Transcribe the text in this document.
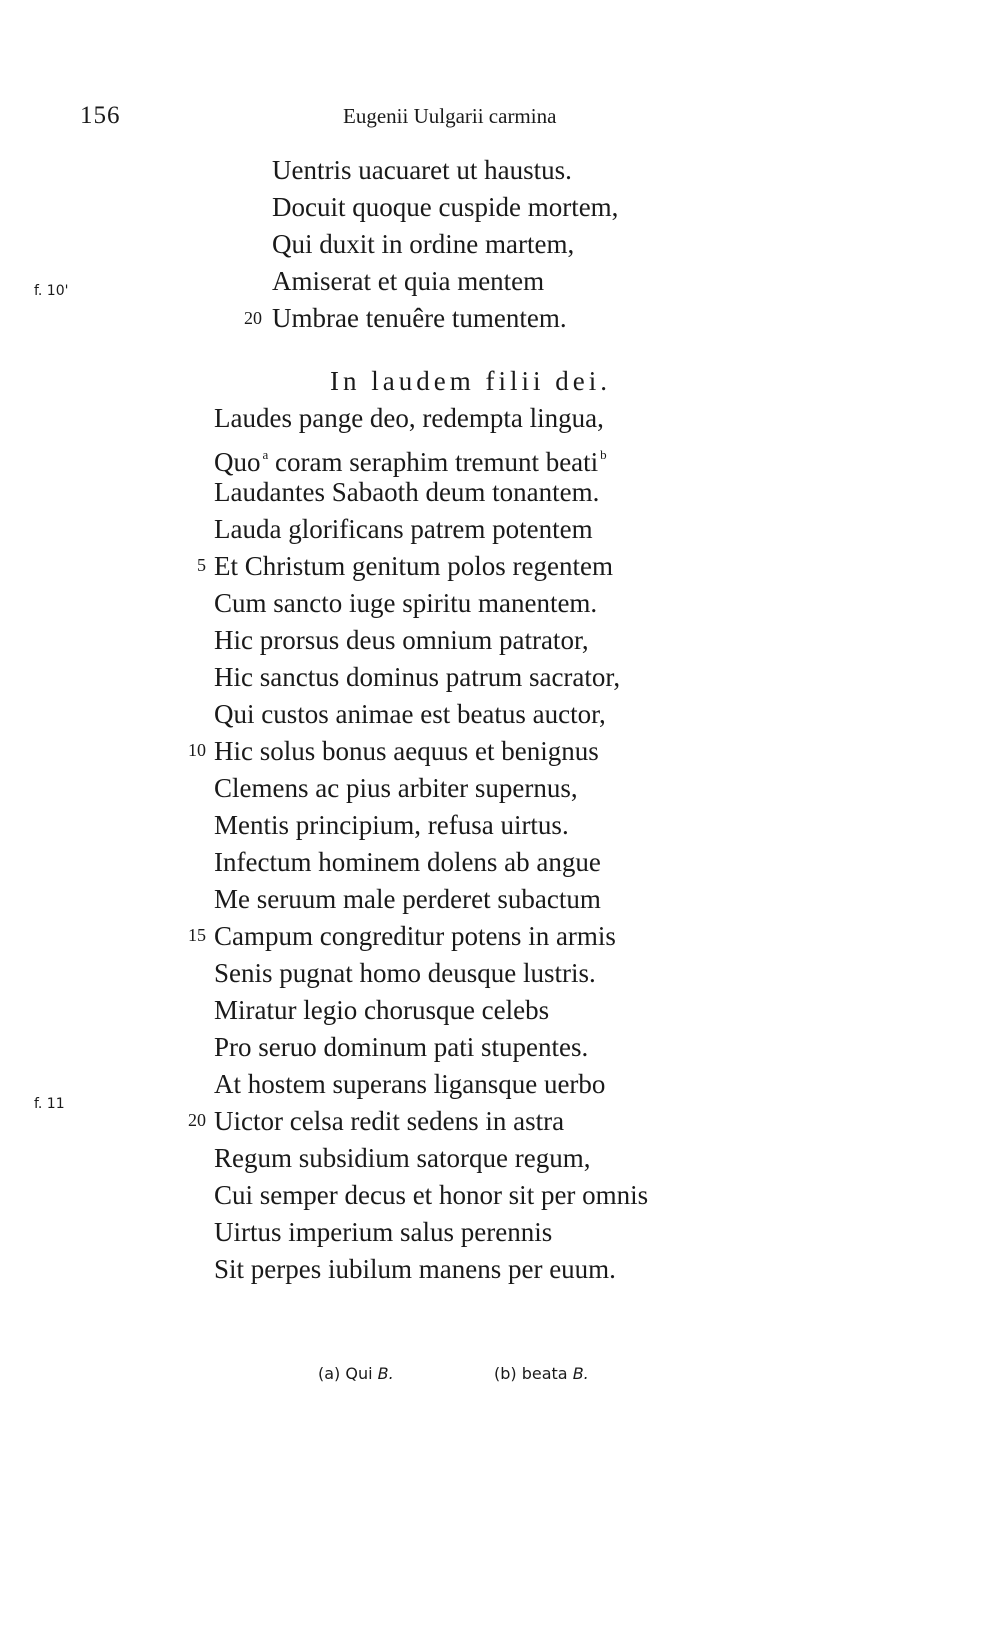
156	Eugenii Uulgarii carmina
f. 10'
f. 11
Uentris uacuaret ut haustus.
Docuit quoque cuspide mortem,
Qui duxit in ordine martem,
Amiserat et quia mentem
20 Umbrae tenuêre tumentem.
In laudem filii dei.
Laudes pange deo, redempta lingua,
Quo $^a$ coram seraphim tremunt beati $^b$
Laudantes Sabaoth deum tonantem.
Lauda glorificans patrem potentem
5 Et Christum genitum polos regentem
Cum sancto iuge spiritu manentem.
Hic prorsus deus omnium patrator,
Hic sanctus dominus patrum sacrator,
Qui custos animae est beatus auctor,
10 Hic solus bonus aequus et benignus
Clemens ac pius arbiter supernus,
Mentis principium, refusa uirtus.
Infectum hominem dolens ab angue
Me seruum male perderet subactum
15 Campum congreditur potens in armis
Senis pugnat homo deusque lustris.
Miratur legio chorusque celebs
Pro seruo dominum pati stupentes.
At hostem superans ligansque uerbo
20 Uictor celsa redit sedens in astra
Regum subsidium satorque regum,
Cui semper decus et honor sit per omnis
Uirtus imperium salus perennis
Sit perpes iubilum manens per euum.
(a) Qui B.	(b) beata B.
